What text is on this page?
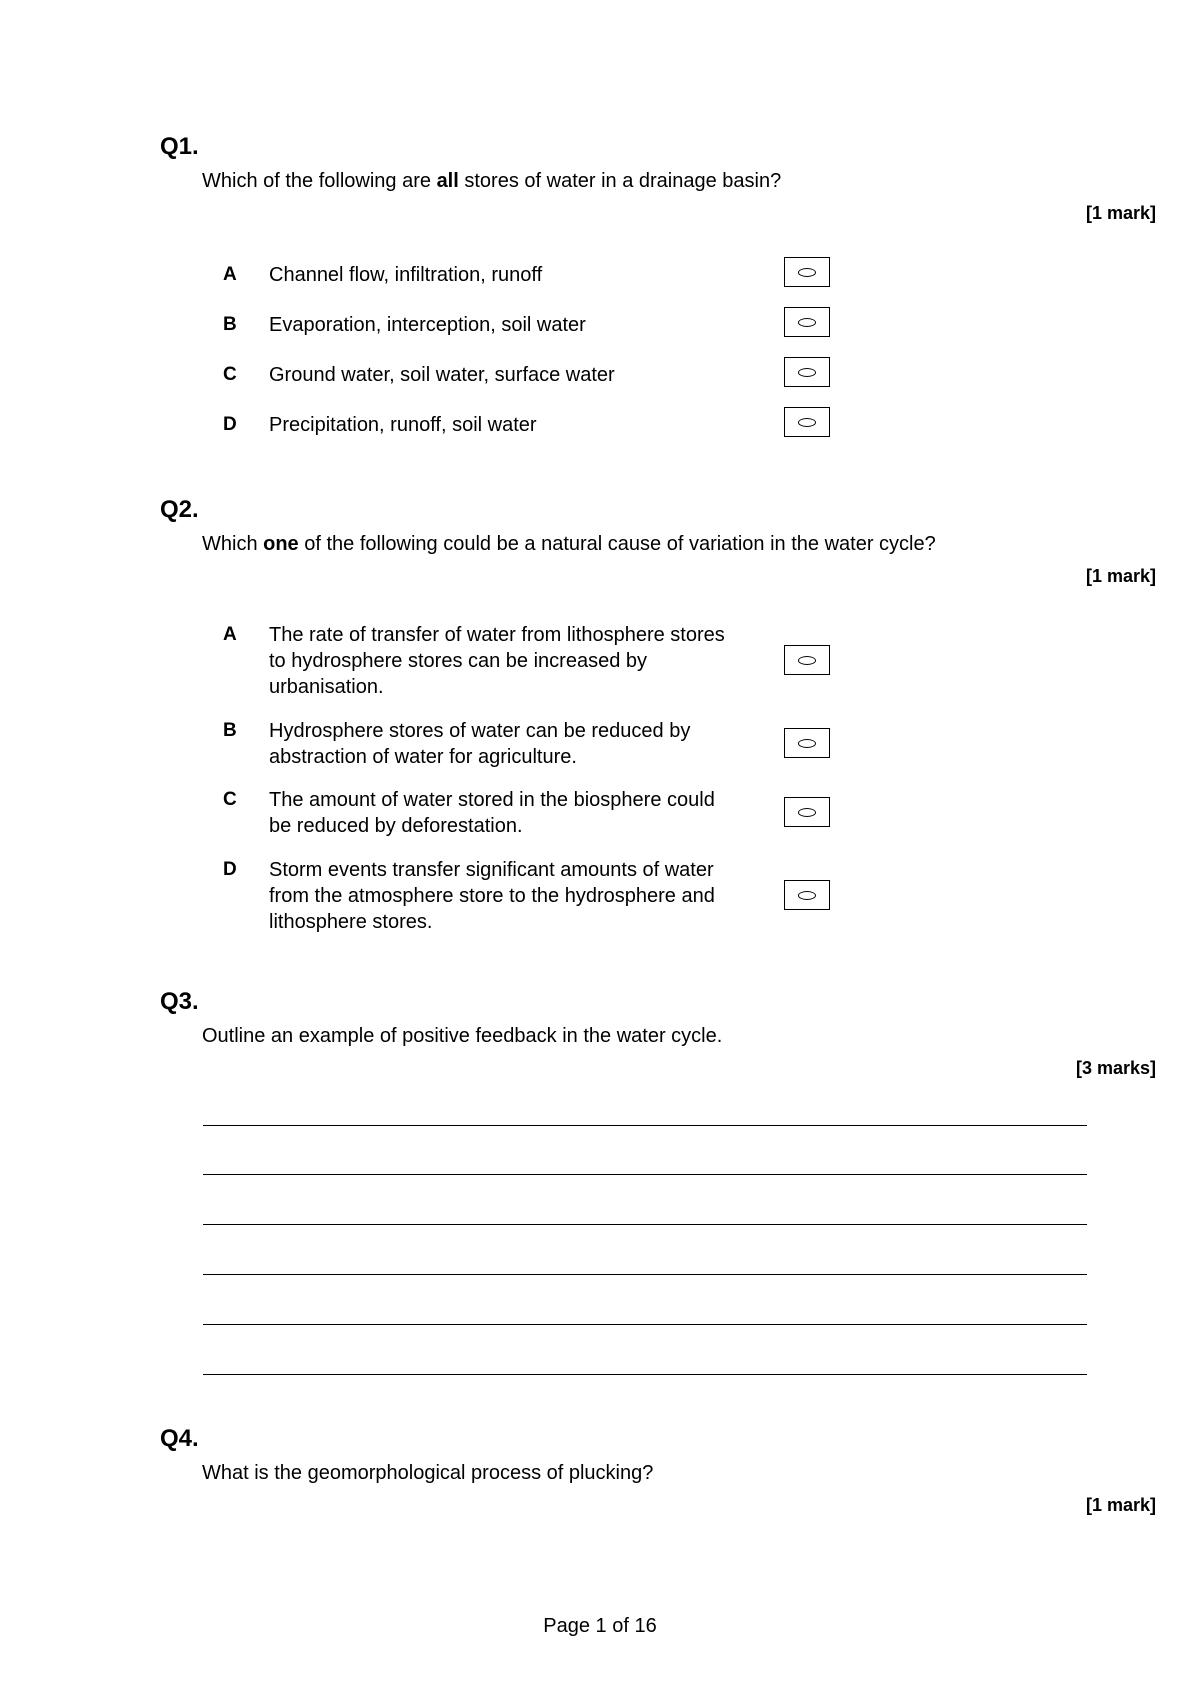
Q1.
Which of the following are all stores of water in a drainage basin?
[1 mark]
A Channel flow, infiltration, runoff
B Evaporation, interception, soil water
C Ground water, soil water, surface water
D Precipitation, runoff, soil water
Q2.
Which one of the following could be a natural cause of variation in the water cycle?
[1 mark]
A The rate of transfer of water from lithosphere stores to hydrosphere stores can be increased by urbanisation.
B Hydrosphere stores of water can be reduced by abstraction of water for agriculture.
C The amount of water stored in the biosphere could be reduced by deforestation.
D Storm events transfer significant amounts of water from the atmosphere store to the hydrosphere and lithosphere stores.
Q3.
Outline an example of positive feedback in the water cycle.
[3 marks]
Q4.
What is the geomorphological process of plucking?
[1 mark]
Page 1 of 16
